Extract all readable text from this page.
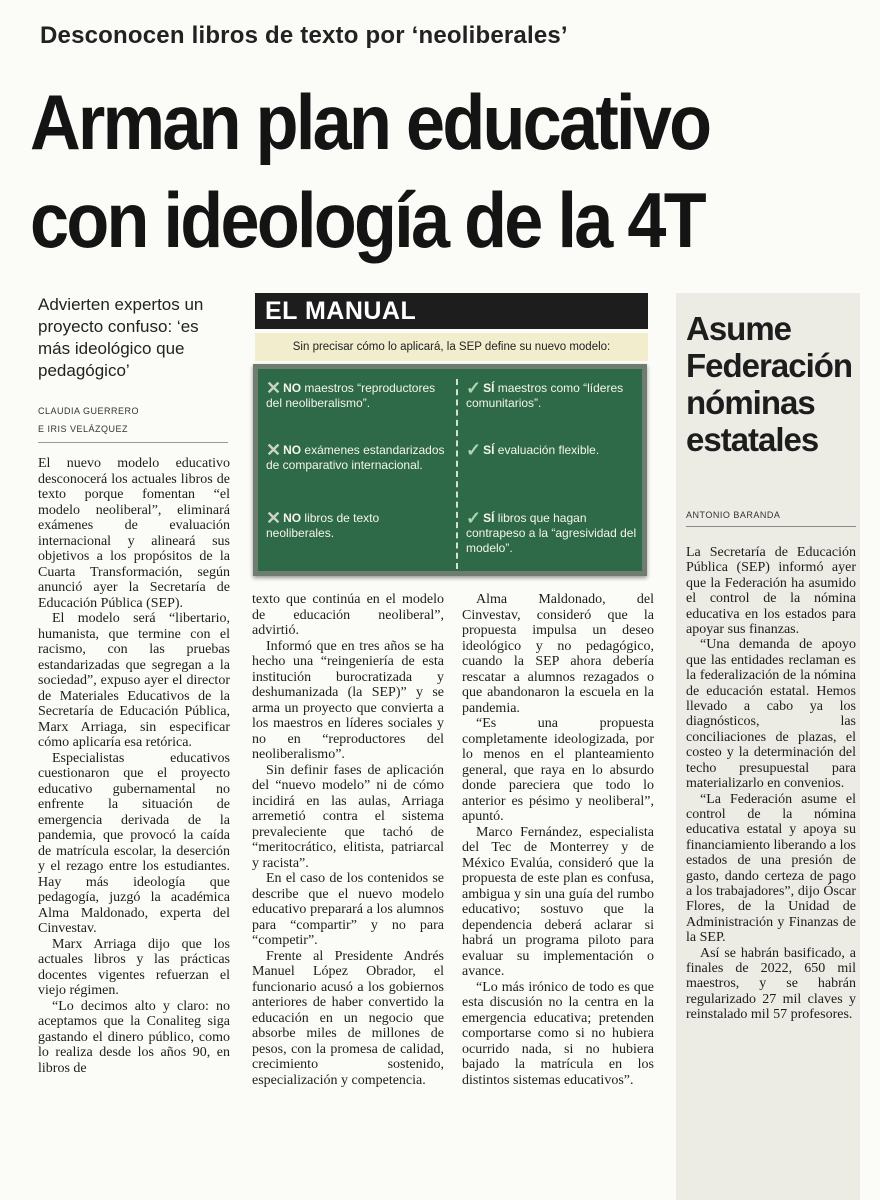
Desconocen libros de texto por ‘neoliberales’
Arman plan educativo
con ideología de la 4T
Advierten expertos un proyecto confuso: ‘es más ideológico que pedagógico’
CLAUDIA GUERRERO
E IRIS VELÁZQUEZ

El nuevo modelo educativo desconocerá los actuales libros de texto porque fomentan “el modelo neoliberal”, eliminará exámenes de evaluación internacional y alineará sus objetivos a los propósitos de la Cuarta Transformación, según anunció ayer la Secretaría de Educación Pública (SEP).

El modelo será “libertario, humanista, que termine con el racismo, con las pruebas estandarizadas que segregan a la sociedad”, expuso ayer el director de Materiales Educativos de la Secretaría de Educación Pública, Marx Arriaga, sin especificar cómo aplicaría esa retórica.

Especialistas educativos cuestionaron que el proyecto educativo gubernamental no enfrente la situación de emergencia derivada de la pandemia, que provocó la caída de matrícula escolar, la deserción y el rezago entre los estudiantes. Hay más ideología que pedagogía, juzgó la académica Alma Maldonado, experta del Cinvestav.

Marx Arriaga dijo que los actuales libros y las prácticas docentes vigentes refuerzan el viejo régimen.

“Lo decimos alto y claro: no aceptamos que la Conaliteg siga gastando el dinero público, como lo realiza desde los años 90, en libros de

EL MANUAL
Sin precisar cómo lo aplicará, la SEP define su nuevo modelo:
✕ NO maestros “reproductores del neoliberalismo”.
✓ SÍ maestros como “líderes comunitarios”.
✕ NO exámenes estandarizados de comparativo internacional.
✓ SÍ evaluación flexible.
✕ NO libros de texto neoliberales.
✓ SÍ libros que hagan contrapeso a la “agresividad del modelo”.

texto que continúa en el modelo de educación neoliberal”, advirtió.

Informó que en tres años se ha hecho una “reingeniería de esta institución burocratizada y deshumanizada (la SEP)” y se arma un proyecto que convierta a los maestros en líderes sociales y no en “reproductores del neoliberalismo”.

Sin definir fases de aplicación del “nuevo modelo” ni de cómo incidirá en las aulas, Arriaga arremetió contra el sistema prevaleciente que tachó de “meritocrático, elitista, patriarcal y racista”.

En el caso de los contenidos se describe que el nuevo modelo educativo preparará a los alumnos para “compartir” y no para “competir”.

Frente al Presidente Andrés Manuel López Obrador, el funcionario acusó a los gobiernos anteriores de haber convertido la educación en un negocio que absorbe miles de millones de pesos, con la promesa de calidad, crecimiento sostenido, especialización y competencia.

Alma Maldonado, del Cinvestav, consideró que la propuesta impulsa un deseo ideológico y no pedagógico, cuando la SEP ahora debería rescatar a alumnos rezagados o que abandonaron la escuela en la pandemia.

“Es una propuesta completamente ideologizada, por lo menos en el planteamiento general, que raya en lo absurdo donde pareciera que todo lo anterior es pésimo y neoliberal”, apuntó.

Marco Fernández, especialista del Tec de Monterrey y de México Evalúa, consideró que la propuesta de este plan es confusa, ambigua y sin una guía del rumbo educativo; sostuvo que la dependencia deberá aclarar si habrá un programa piloto para evaluar su implementación o avance.

“Lo más irónico de todo es que esta discusión no la centra en la emergencia educativa; pretenden comportarse como si no hubiera ocurrido nada, si no hubiera bajado la matrícula en los distintos sistemas educativos”.

Asume Federación nóminas estatales
ANTONIO BARANDA

La Secretaría de Educación Pública (SEP) informó ayer que la Federación ha asumido el control de la nómina educativa en los estados para apoyar sus finanzas.

“Una demanda de apoyo que las entidades reclaman es la federalización de la nómina de educación estatal. Hemos llevado a cabo ya los diagnósticos, las conciliaciones de plazas, el costeo y la determinación del techo presupuestal para materializarlo en convenios.

“La Federación asume el control de la nómina educativa estatal y apoya su financiamiento liberando a los estados de una presión de gasto, dando certeza de pago a los trabajadores”, dijo Óscar Flores, de la Unidad de Administración y Finanzas de la SEP.

Así se habrán basificado, a finales de 2022, 650 mil maestros, y se habrán regularizado 27 mil claves y reinstalado mil 57 profesores.
